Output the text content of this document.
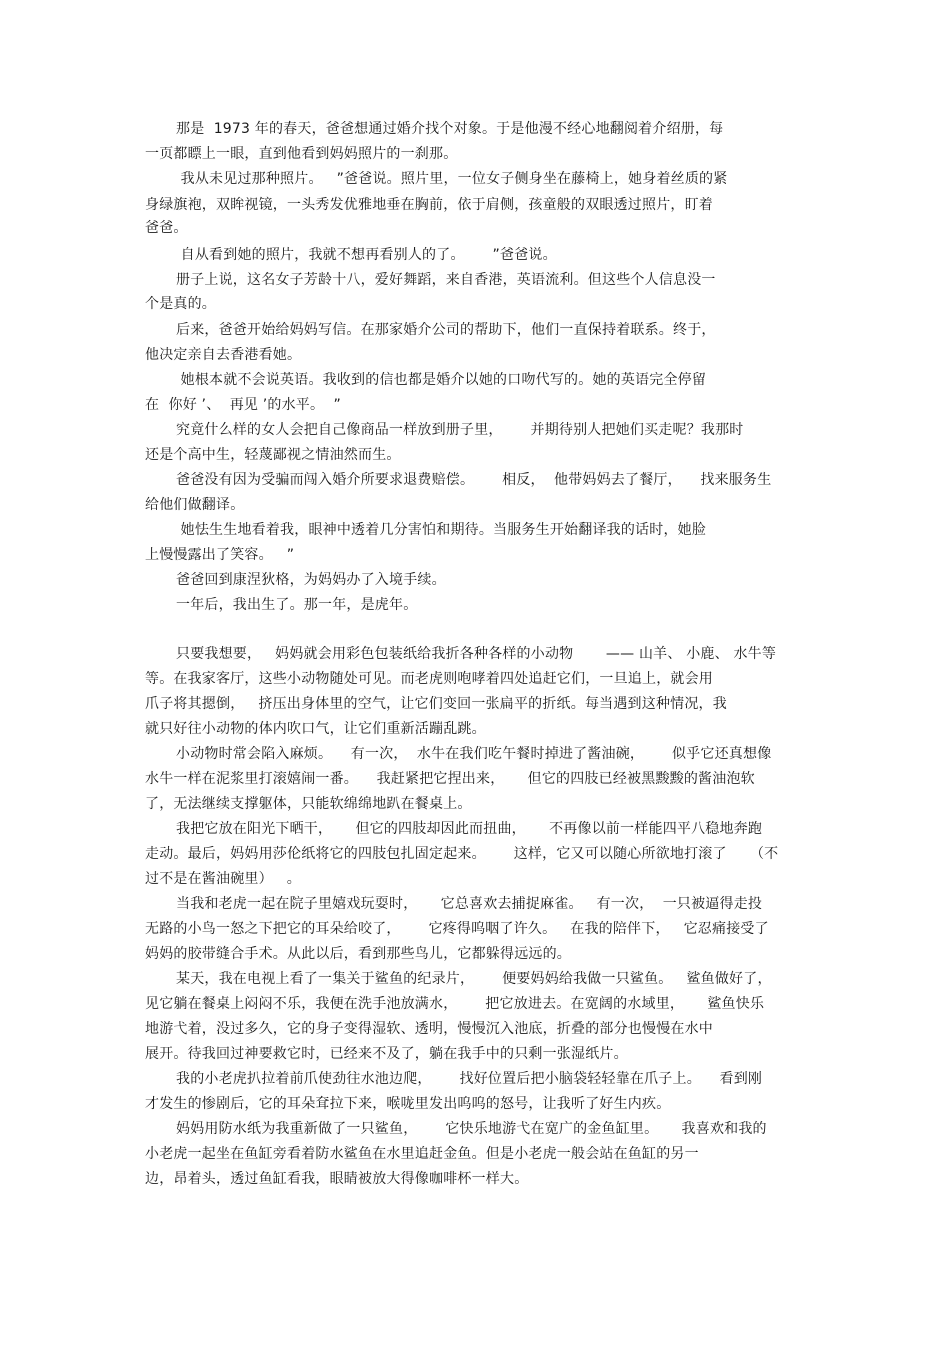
那是  1973 年的春天，爸爸想通过婚介找个对象。于是他漫不经心地翻阅着介绍册，每
一页都瞟上一眼，直到他看到妈妈照片的一刹那。
我从未见过那种照片。   ”爸爸说。照片里，一位女子侧身坐在藤椅上，她身着丝质的紧
身绿旗袍，双眸视镜，一头秀发优雅地垂在胸前，依于肩侧，孩童般的双眼透过照片，盯着
爸爸。
自从看到她的照片，我就不想再看别人的了。      ”爸爸说。
册子上说，这名女子芳龄十八，爱好舞蹈，来自香港，英语流利。但这些个人信息没一
个是真的。
后来，爸爸开始给妈妈写信。在那家婚介公司的帮助下，他们一直保持着联系。终于，
他决定亲自去香港看她。
她根本就不会说英语。我收到的信也都是婚介以她的口吻代写的。她的英语完全停留
在  你好 ’、  再见 ’的水平。  ”
究竟什么样的女人会把自己像商品一样放到册子里，      并期待别人把她们买走呢？我那时
还是个高中生，轻蔑鄙视之情油然而生。
爸爸没有因为受骗而闯入婚介所要求退费赔偿。      相反，  他带妈妈去了餐厅，    找来服务生
给他们做翻译。
她怯生生地看着我，眼神中透着几分害怕和期待。当服务生开始翻译我的话时，她脸
上慢慢露出了笑容。   ”
爸爸回到康涅狄格，为妈妈办了入境手续。
一年后，我出生了。那一年，是虎年。
只要我想要，   妈妈就会用彩色包装纸给我折各种各样的小动物       —— 山羊、 小鹿、 水牛等
等。在我家客厅，这些小动物随处可见。而老虎则咆哮着四处追赶它们，一旦追上，就会用
爪子将其摁倒，   挤压出身体里的空气，让它们变回一张扁平的折纸。每当遇到这种情况，我
就只好往小动物的体内吹口气，让它们重新活蹦乱跳。
小动物时常会陷入麻烦。    有一次，  水牛在我们吃午餐时掉进了酱油碗，      似乎它还真想像
水牛一样在泥浆里打滚嬉闹一番。    我赶紧把它捏出来，     但它的四肢已经被黑黢黢的酱油泡软
了，无法继续支撑躯体，只能软绵绵地趴在餐桌上。
我把它放在阳光下晒干，     但它的四肢却因此而扭曲，     不再像以前一样能四平八稳地奔跑
走动。最后，妈妈用莎伦纸将它的四肢包扎固定起来。      这样，它又可以随心所欲地打滚了     （不
过不是在酱油碗里）   。
当我和老虎一起在院子里嬉戏玩耍时，     它总喜欢去捕捉麻雀。   有一次，  一只被逼得走投
无路的小鸟一怒之下把它的耳朵给咬了，      它疼得呜咽了许久。   在我的陪伴下，   它忍痛接受了
妈妈的胶带缝合手术。从此以后，看到那些鸟儿，它都躲得远远的。
某天，我在电视上看了一集关于鲨鱼的纪录片，      便要妈妈给我做一只鲨鱼。   鲨鱼做好了，
见它躺在餐桌上闷闷不乐，我便在洗手池放满水，      把它放进去。在宽阔的水域里，     鲨鱼快乐
地游弋着，没过多久，它的身子变得湿软、透明，慢慢沉入池底，折叠的部分也慢慢在水中
展开。待我回过神要救它时，已经来不及了，躺在我手中的只剩一张湿纸片。
我的小老虎扒拉着前爪使劲往水池边爬，      找好位置后把小脑袋轻轻靠在爪子上。    看到刚
才发生的惨剧后，它的耳朵耷拉下来，喉咙里发出呜呜的怒号，让我听了好生内疚。
妈妈用防水纸为我重新做了一只鲨鱼，      它快乐地游弋在宽广的金鱼缸里。     我喜欢和我的
小老虎一起坐在鱼缸旁看着防水鲨鱼在水里追赶金鱼。但是小老虎一般会站在鱼缸的另一
边，昂着头，透过鱼缸看我，眼睛被放大得像咖啡杯一样大。
